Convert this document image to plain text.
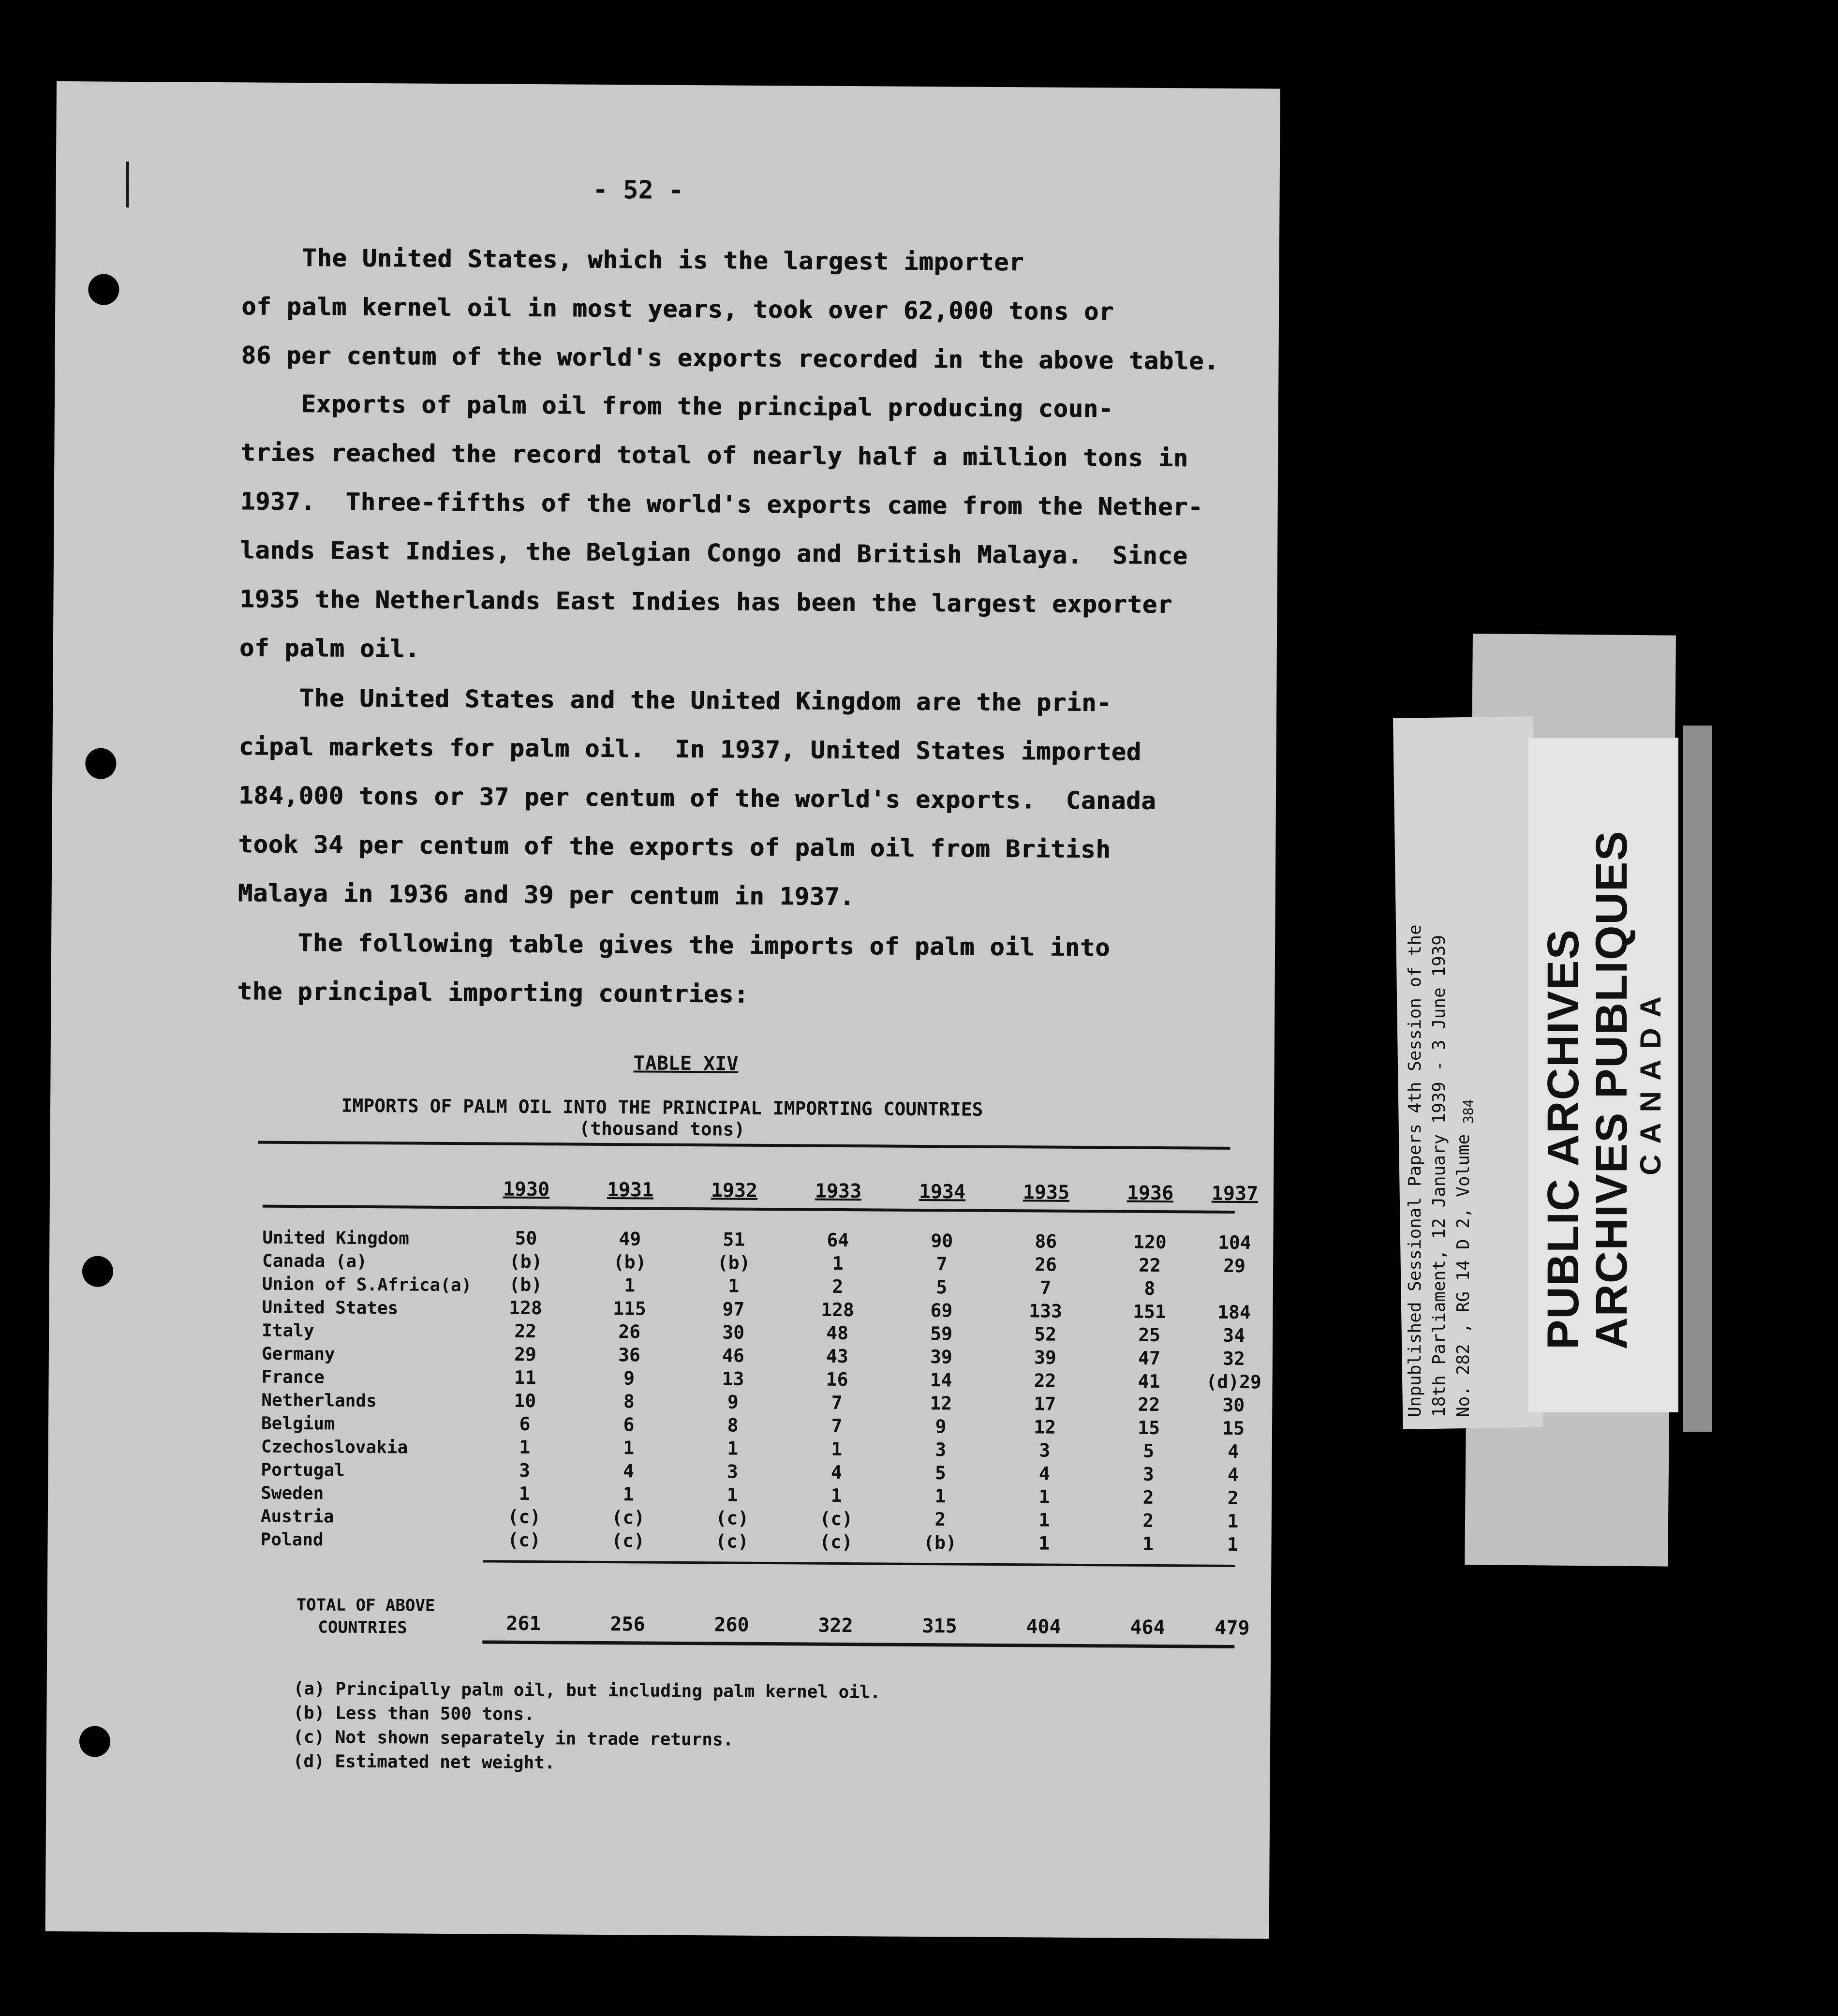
- 52 -

The United States, which is the largest importer
of palm kernel oil in most years, took over 62,000 tons or
86 per centum of the world's exports recorded in the above table.

Exports of palm oil from the principal producing coun-
tries reached the record total of nearly half a million tons in
1937.  Three-fifths of the world's exports came from the Nether-
lands East Indies, the Belgian Congo and British Malaya.  Since
1935 the Netherlands East Indies has been the largest exporter
of palm oil.

The United States and the United Kingdom are the prin-
cipal markets for palm oil.  In 1937, United States imported
184,000 tons or 37 per centum of the world's exports.  Canada
took 34 per centum of the exports of palm oil from British
Malaya in 1936 and 39 per centum in 1937.

The following table gives the imports of palm oil into
the principal importing countries:

TABLE XIV
IMPORTS OF PALM OIL INTO THE PRINCIPAL IMPORTING COUNTRIES
(thousand tons)
1930	1931	1932	1933	1934	1935	1936	1937
United Kingdom	50	49	51	64	90	86	120	104
Canada (a)	(b)	(b)	(b)	1	7	26	22	29
Union of S.Africa(a)	(b)	1	1	2	5	7	8
United States	128	115	97	128	69	133	151	184
Italy	22	26	30	48	59	52	25	34
Germany	29	36	46	43	39	39	47	32
France	11	9	13	16	14	22	41	(d)29
Netherlands	10	8	9	7	12	17	22	30
Belgium	6	6	8	7	9	12	15	15
Czechoslovakia	1	1	1	1	3	3	5	4
Portugal	3	4	3	4	5	4	3	4
Sweden	1	1	1	1	1	1	2	2
Austria	(c)	(c)	(c)	(c)	2	1	2	1
Poland	(c)	(c)	(c)	(c)	(b)	1	1	1
TOTAL OF ABOVE
COUNTRIES	261	256	260	322	315	404	464	479
(a) Principally palm oil, but including palm kernel oil.
(b) Less than 500 tons.
(c) Not shown separately in trade returns.
(d) Estimated net weight.
PUBLIC ARCHIVES
ARCHIVES PUBLIQUES
CANADA
Unpublished Sessional Papers 4th Session of the 18th Parliament, 12 January 1939 - 3 June 1939 No. 282 , RG 14 D 2, Volume $_{384}$
